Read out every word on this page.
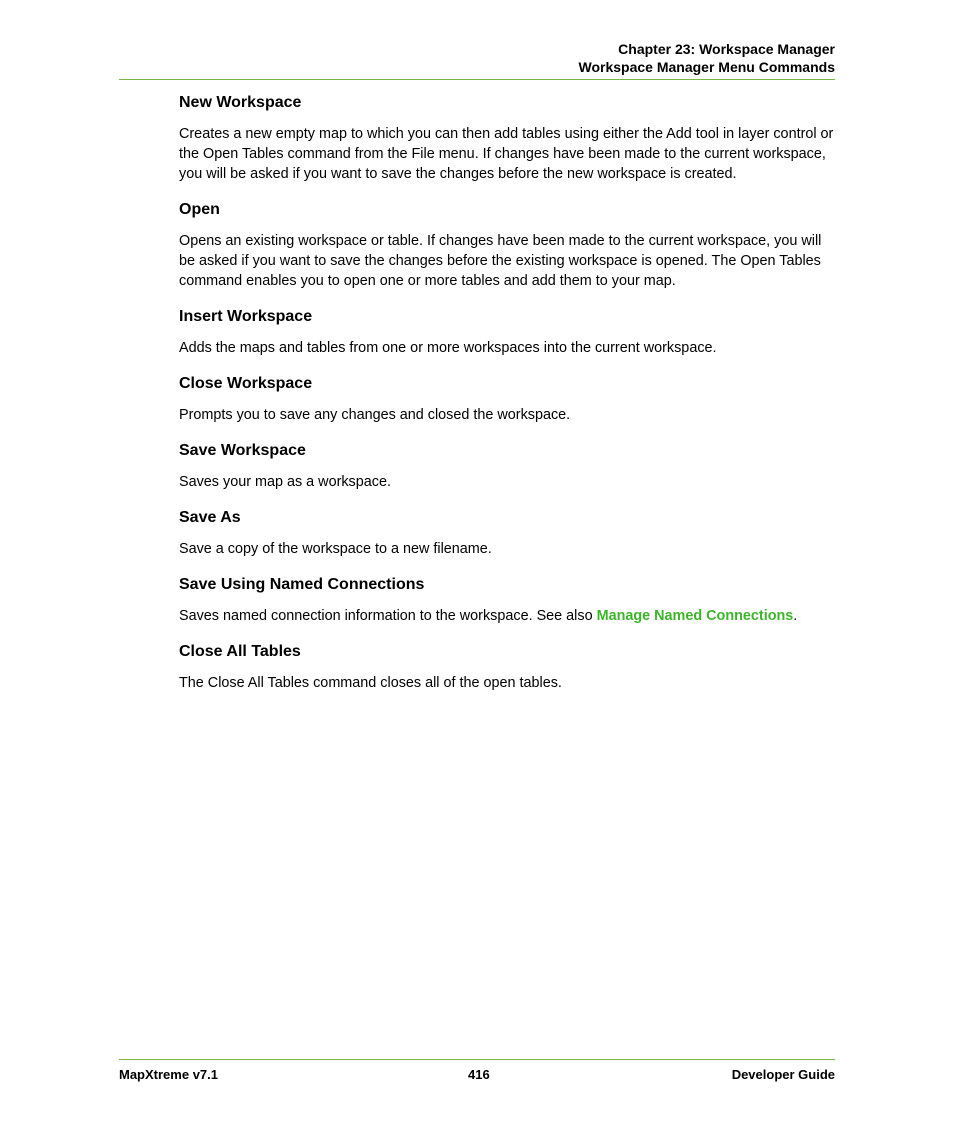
Chapter 23: Workspace Manager
Workspace Manager Menu Commands
New Workspace

Creates a new empty map to which you can then add tables using either the Add tool in layer control or the Open Tables command from the File menu. If changes have been made to the current workspace, you will be asked if you want to save the changes before the new workspace is created.

Open

Opens an existing workspace or table. If changes have been made to the current workspace, you will be asked if you want to save the changes before the existing workspace is opened. The Open Tables command enables you to open one or more tables and add them to your map.

Insert Workspace

Adds the maps and tables from one or more workspaces into the current workspace.

Close Workspace

Prompts you to save any changes and closed the workspace.

Save Workspace

Saves your map as a workspace.

Save As

Save a copy of the workspace to a new filename.

Save Using Named Connections

Saves named connection information to the workspace. See also Manage Named Connections.

Close All Tables

The Close All Tables command closes all of the open tables.

MapXtreme v7.1	416	Developer Guide
